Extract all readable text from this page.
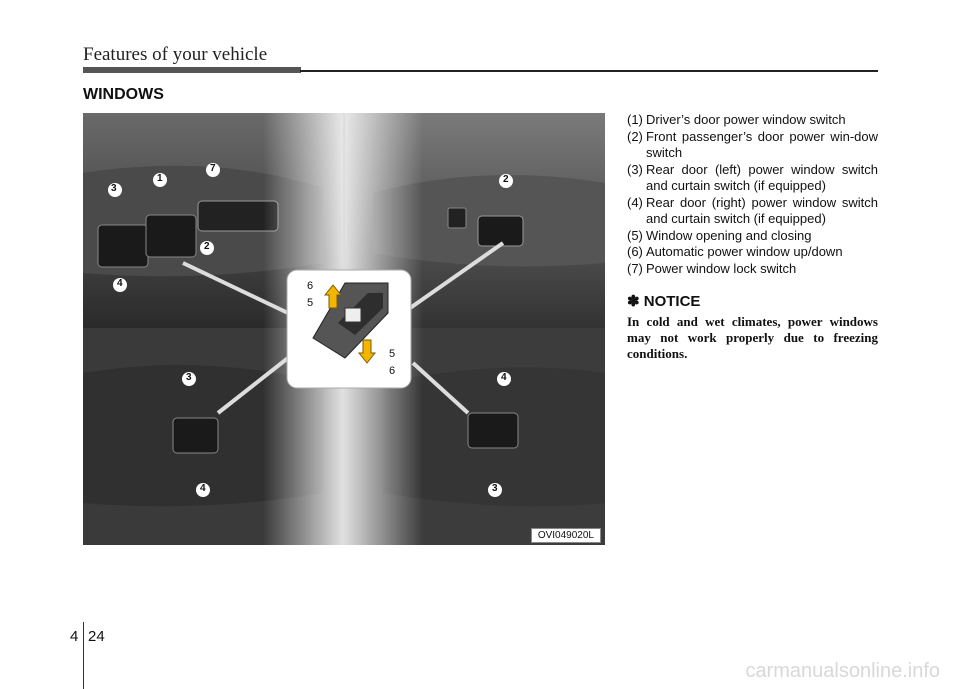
Features of your vehicle
WINDOWS
3
1
7
2
4
2
3	4
4	3
6
5
5
6
OVI049020L
(1) Driver’s door power window switch
(2) Front passenger’s door power win-dow switch
(3) Rear door (left) power window switch and curtain switch (if equipped)
(4) Rear door (right) power window switch and curtain switch (if equipped)
(5) Window opening and closing
(6) Automatic power window up/down
(7) Power window lock switch
✽ NOTICE
In cold and wet climates, power windows may not work properly due to freezing conditions.
4 24
carmanualsonline.info
